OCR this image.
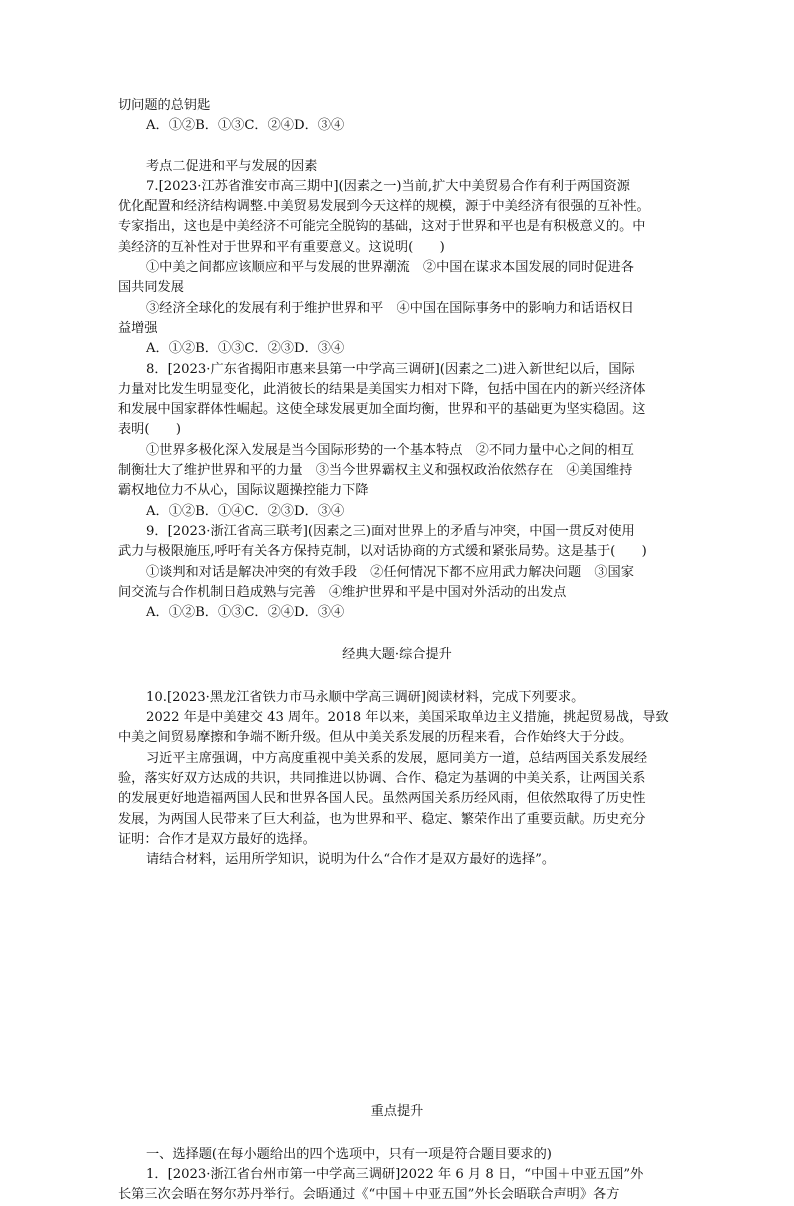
切问题的总钥匙
A．①②B．①③C．②④D．③④
考点二促进和平与发展的因素
7.[2023·江苏省淮安市高三期中](因素之一)当前,扩大中美贸易合作有利于两国资源
优化配置和经济结构调整.中美贸易发展到今天这样的规模，源于中美经济有很强的互补性。
专家指出，这也是中美经济不可能完全脱钩的基础，这对于世界和平也是有积极意义的。中
美经济的互补性对于世界和平有重要意义。这说明(　　)
①中美之间都应该顺应和平与发展的世界潮流　②中国在谋求本国发展的同时促进各
国共同发展
③经济全球化的发展有利于维护世界和平　④中国在国际事务中的影响力和话语权日
益增强
A．①②B．①③C．②③D．③④
8．[2023·广东省揭阳市惠来县第一中学高三调研](因素之二)进入新世纪以后，国际
力量对比发生明显变化，此消彼长的结果是美国实力相对下降，包括中国在内的新兴经济体
和发展中国家群体性崛起。这使全球发展更加全面均衡，世界和平的基础更为坚实稳固。这
表明(　　)
①世界多极化深入发展是当今国际形势的一个基本特点　②不同力量中心之间的相互
制衡壮大了维护世界和平的力量　③当今世界霸权主义和强权政治依然存在　④美国维持
霸权地位力不从心，国际议题操控能力下降
A．①②B．①④C．②③D．③④
9．[2023·浙江省高三联考](因素之三)面对世界上的矛盾与冲突，中国一贯反对使用
武力与极限施压,呼吁有关各方保持克制，以对话协商的方式缓和紧张局势。这是基于(　　)
①谈判和对话是解决冲突的有效手段　②任何情况下都不应用武力解决问题　③国家
间交流与合作机制日趋成熟与完善　④维护世界和平是中国对外活动的出发点
A．①②B．①③C．②④D．③④
经典大题·综合提升
10.[2023·黑龙江省铁力市马永顺中学高三调研]阅读材料，完成下列要求。
2022 年是中美建交 43 周年。2018 年以来，美国采取单边主义措施，挑起贸易战，导致
中美之间贸易摩擦和争端不断升级。但从中美关系发展的历程来看，合作始终大于分歧。
习近平主席强调，中方高度重视中美关系的发展，愿同美方一道，总结两国关系发展经
验，落实好双方达成的共识，共同推进以协调、合作、稳定为基调的中美关系，让两国关系
的发展更好地造福两国人民和世界各国人民。虽然两国关系历经风雨，但依然取得了历史性
发展，为两国人民带来了巨大利益，也为世界和平、稳定、繁荣作出了重要贡献。历史充分
证明：合作才是双方最好的选择。
请结合材料，运用所学知识，说明为什么“合作才是双方最好的选择”。
重点提升
一、选择题(在每小题给出的四个选项中，只有一项是符合题目要求的)
1．[2023·浙江省台州市第一中学高三调研]2022 年 6 月 8 日，“中国＋中亚五国”外
长第三次会晤在努尔苏丹举行。会晤通过《“中国＋中亚五国”外长会晤联合声明》各方
